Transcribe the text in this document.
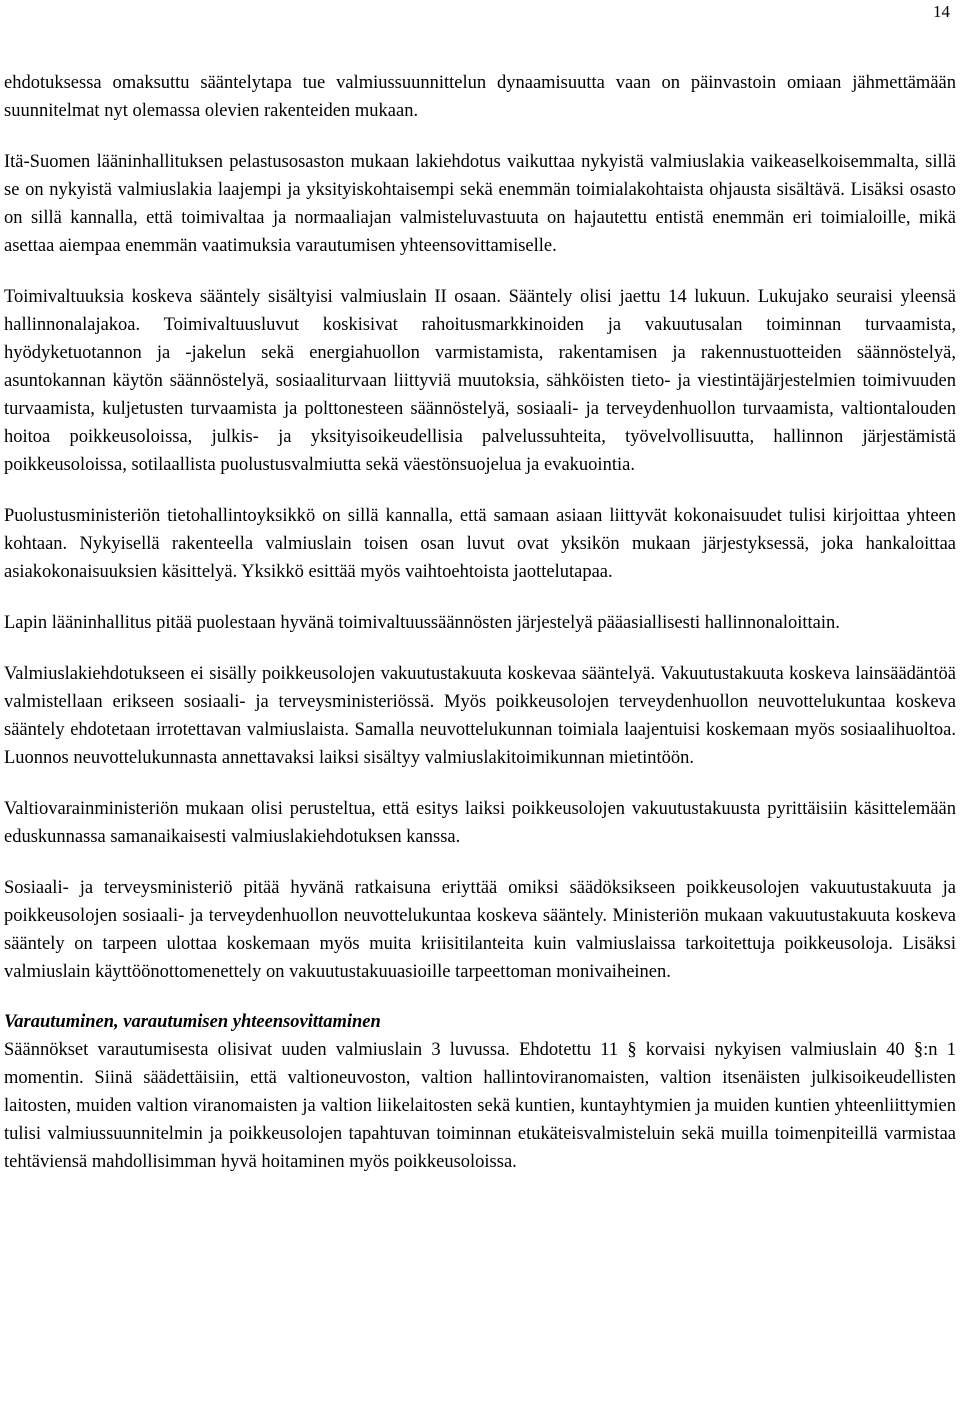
14

ehdotuksessa omaksuttu sääntelytapa tue valmiussuunnittelun dynaamisuutta vaan on päinvastoin omiaan jähmettämään suunnitelmat nyt olemassa olevien rakenteiden mukaan.

Itä-Suomen lääninhallituksen pelastusosaston mukaan lakiehdotus vaikuttaa nykyistä valmiuslakia vaikeaselkoisemmalta, sillä se on nykyistä valmiuslakia laajempi ja yksityiskohtaisempi sekä enemmän toimialakohtaista ohjausta sisältävä. Lisäksi osasto on sillä kannalla, että toimivaltaa ja normaaliajan valmisteluvastuuta on hajautettu entistä enemmän eri toimialoille, mikä asettaa aiempaa enemmän vaatimuksia varautumisen yhteensovittamiselle.

Toimivaltuuksia koskeva sääntely sisältyisi valmiuslain II osaan. Sääntely olisi jaettu 14 lukuun. Lukujako seuraisi yleensä hallinnonalajakoa. Toimivaltuusluvut koskisivat rahoitusmarkkinoiden ja vakuutusalan toiminnan turvaamista, hyödyketuotannon ja -jakelun sekä energiahuollon varmistamista, rakentamisen ja rakennustuotteiden säännöstelyä, asuntokannan käytön säännöstelyä, sosiaaliturvaan liittyviä muutoksia, sähköisten tieto- ja viestintäjärjestelmien toimivuuden turvaamista, kuljetusten turvaamista ja polttonesteen säännöstelyä, sosiaali- ja terveydenhuollon turvaamista, valtiontalouden hoitoa poikkeusoloissa, julkis- ja yksityisoikeudellisia palvelussuhteita, työvelvollisuutta, hallinnon järjestämistä poikkeusoloissa, sotilaallista puolustusvalmiutta sekä väestönsuojelua ja evakuointia.

Puolustusministeriön tietohallintoyksikkö on sillä kannalla, että samaan asiaan liittyvät kokonaisuudet tulisi kirjoittaa yhteen kohtaan. Nykyisellä rakenteella valmiuslain toisen osan luvut ovat yksikön mukaan järjestyksessä, joka hankaloittaa asiakokonaisuuksien käsittelyä. Yksikkö esittää myös vaihtoehtoista jaottelutapaa.

Lapin lääninhallitus pitää puolestaan hyvänä toimivaltuussäännösten järjestelyä pääasiallisesti hallinnonaloittain.

Valmiuslakiehdotukseen ei sisälly poikkeusolojen vakuutustakuuta koskevaa sääntelyä. Vakuutustakuuta koskeva lainsäädäntöä valmistellaan erikseen sosiaali- ja terveysministeriössä. Myös poikkeusolojen terveydenhuollon neuvottelukuntaa koskeva sääntely ehdotetaan irrotettavan valmiuslaista. Samalla neuvottelukunnan toimiala laajentuisi koskemaan myös sosiaalihuoltoa. Luonnos neuvottelukunnasta annettavaksi laiksi sisältyy valmiuslakitoimikunnan mietintöön.

Valtiovarainministeriön mukaan olisi perusteltua, että esitys laiksi poikkeusolojen vakuutustakuusta pyrittäisiin käsittelemään eduskunnassa samanaikaisesti valmiuslakiehdotuksen kanssa.

Sosiaali- ja terveysministeriö pitää hyvänä ratkaisuna eriyttää omiksi säädöksikseen poikkeusolojen vakuutustakuuta ja poikkeusolojen sosiaali- ja terveydenhuollon neuvottelukuntaa koskeva sääntely. Ministeriön mukaan vakuutustakuuta koskeva sääntely on tarpeen ulottaa koskemaan myös muita kriisitilanteita kuin valmiuslaissa tarkoitettuja poikkeusoloja. Lisäksi valmiuslain käyttöönottomenettely on vakuutustakuuasioille tarpeettoman monivaiheinen.

Varautuminen, varautumisen yhteensovittaminen

Säännökset varautumisesta olisivat uuden valmiuslain 3 luvussa. Ehdotettu 11 § korvaisi nykyisen valmiuslain 40 §:n 1 momentin. Siinä säädettäisiin, että valtioneuvoston, valtion hallintoviranomaisten, valtion itsenäisten julkisoikeudellisten laitosten, muiden valtion viranomaisten ja valtion liikelaitosten sekä kuntien, kuntayhtymien ja muiden kuntien yhteenliittymien tulisi valmiussuunnitelmin ja poikkeusolojen tapahtuvan toiminnan etukäteisvalmisteluin sekä muilla toimenpiteillä varmistaa tehtäviensä mahdollisimman hyvä hoitaminen myös poikkeusoloissa.
